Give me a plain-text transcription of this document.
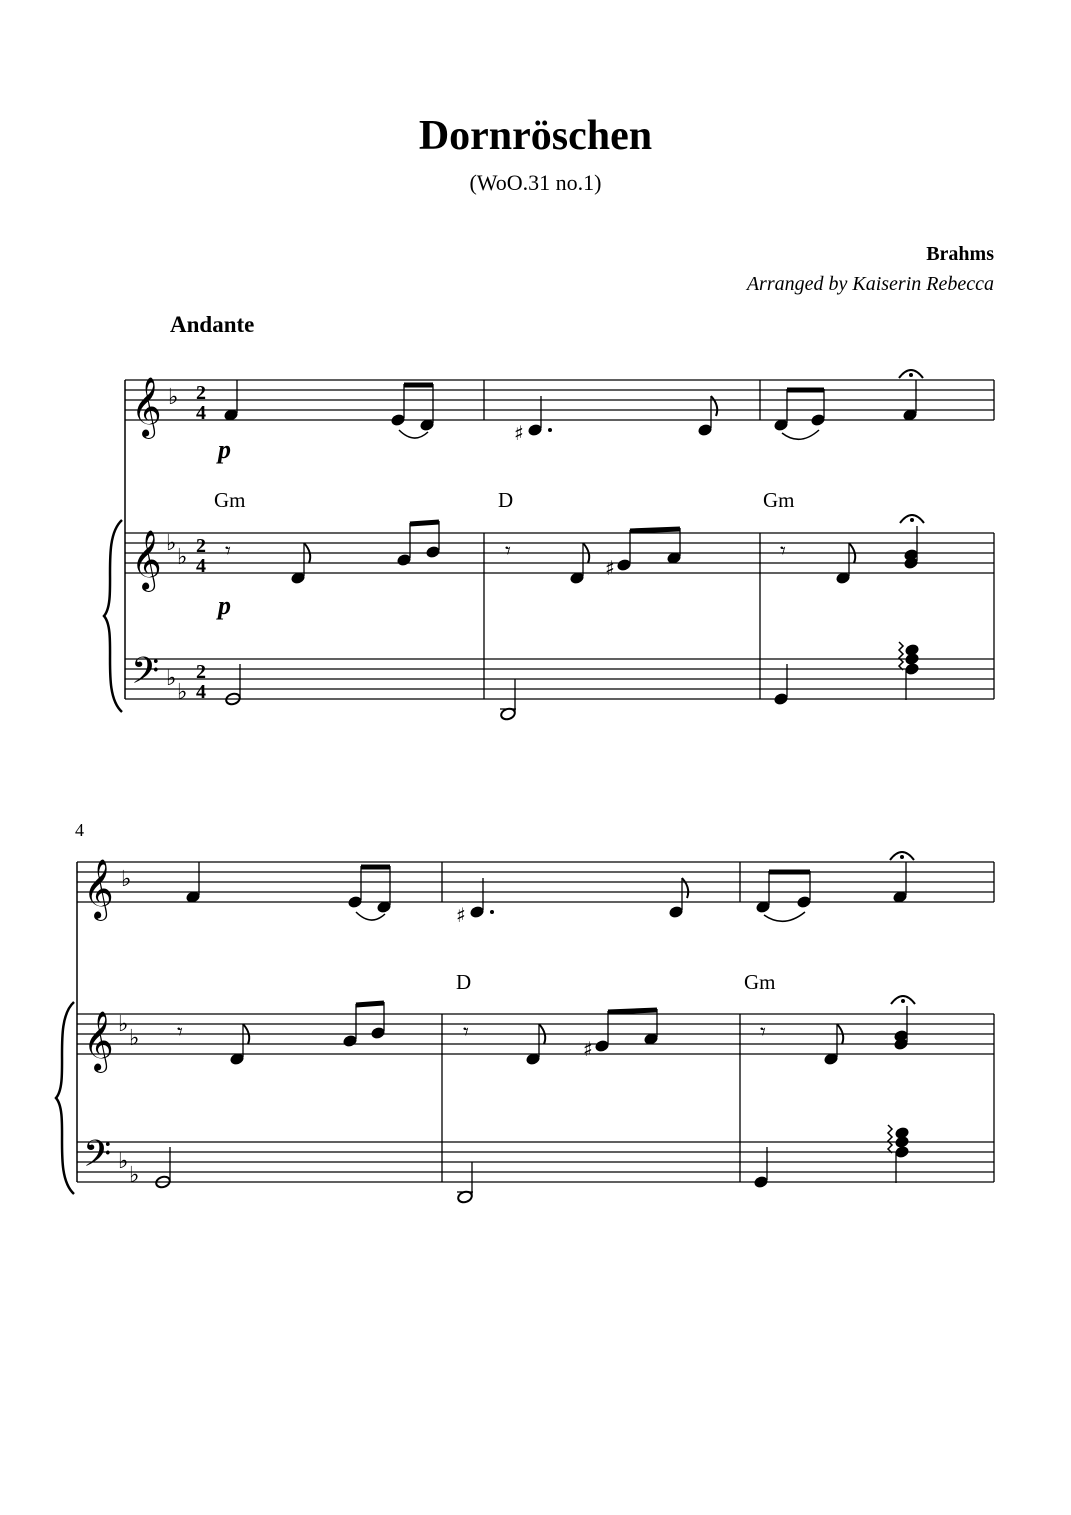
Dornröschen
(WoO.31 no.1)
Brahms
Arranged by Kaiserin Rebecca
Andante
𝄞
𝄞
𝄢
♭
♭
♭
♭
♭
2
4
2
4
2
4
♯
𝄾	𝄾	𝄾
♯
𝄞
𝄞
𝄢
♭
♭
♭
♭
♭
♯
𝄾	𝄾	𝄾
♯
p
p
Gm	D	Gm
4
D	Gm
